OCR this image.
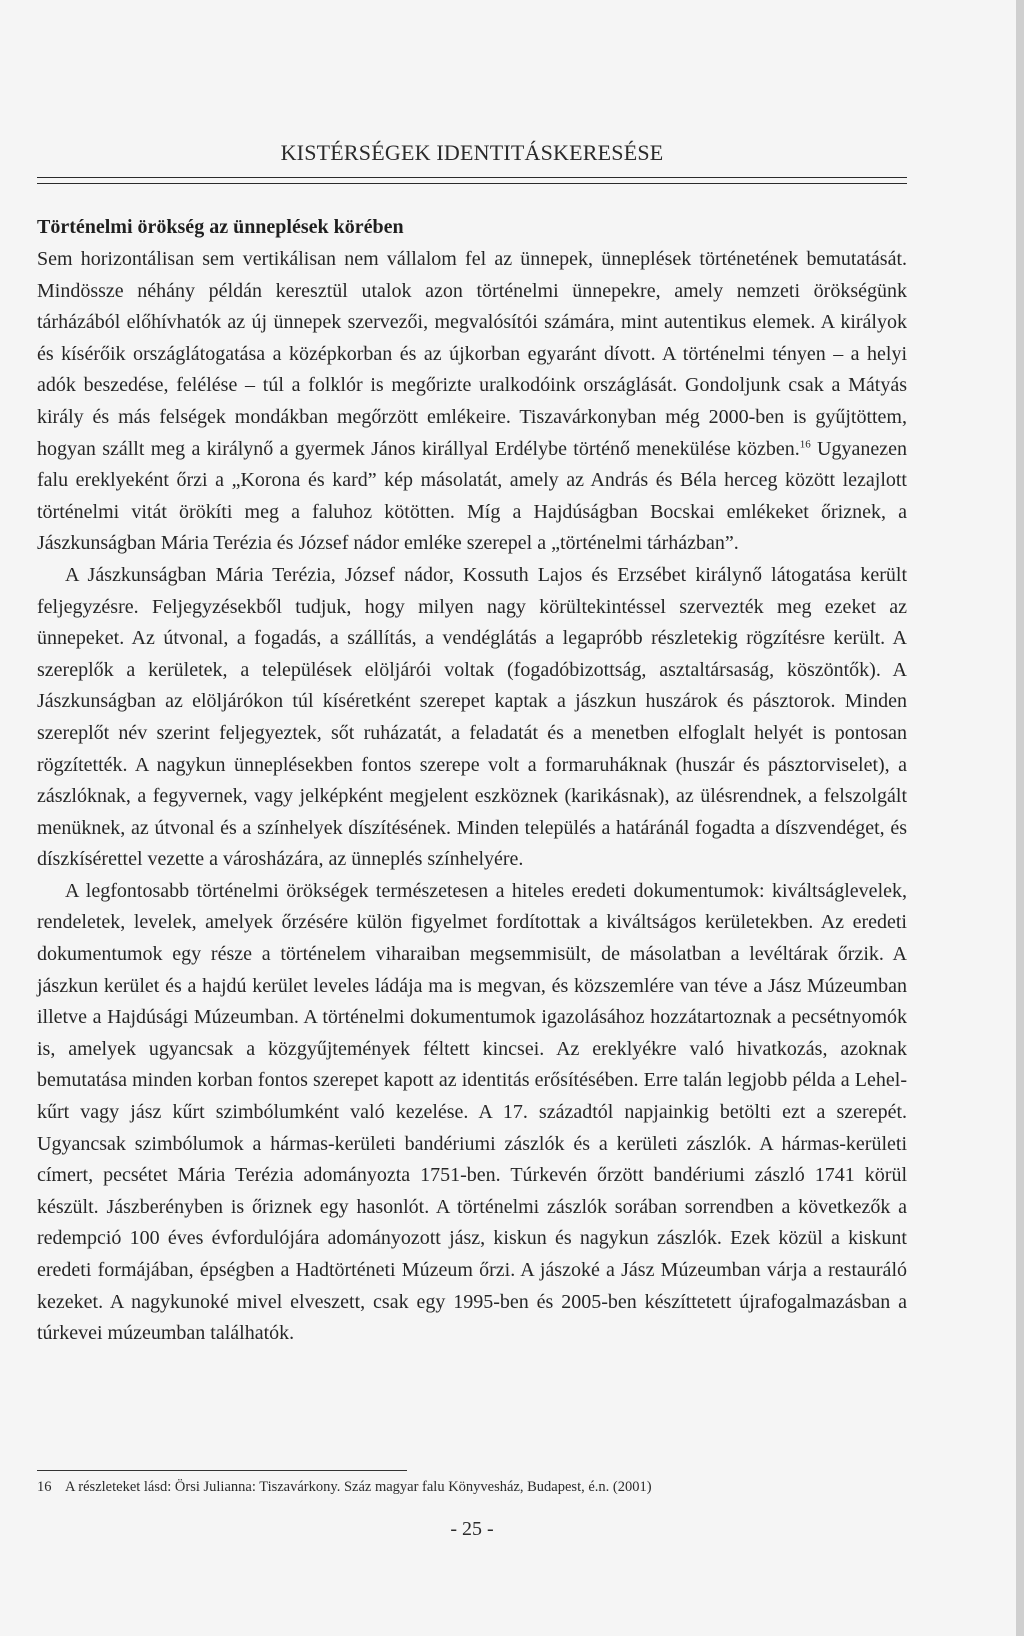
KISTÉRSÉGEK IDENTITÁSKERESÉSE
Történelmi örökség az ünneplések körében

Sem horizontálisan sem vertikálisan nem vállalom fel az ünnepek, ünneplések történetének bemutatását. Mindössze néhány példán keresztül utalok azon történelmi ünnepekre, amely nemzeti örökségünk tárházából előhívhatók az új ünnepek szervezői, megvalósítói számára, mint autentikus elemek. A királyok és kísérőik országlátogatása a középkorban és az újkorban egyaránt dívott. A történelmi tényen – a helyi adók beszedése, felélése – túl a folklór is megőrizte uralkodóink országlását. Gondoljunk csak a Mátyás király és más felségek mondákban megőrzött emlékeire. Tiszavárkonyban még 2000-ben is gyűjtöttem, hogyan szállt meg a királynő a gyermek János királlyal Erdélybe történő menekülése közben.$^{16}$ Ugyanezen falu ereklyeként őrzi a „Korona és kard” kép másolatát, amely az András és Béla herceg között lezajlott történelmi vitát örökíti meg a faluhoz kötötten. Míg a Hajdúságban Bocskai emlékeket őriznek, a Jászkunságban Mária Terézia és József nádor emléke szerepel a „történelmi tárházban”.

A Jászkunságban Mária Terézia, József nádor, Kossuth Lajos és Erzsébet királynő látogatása került feljegyzésre. Feljegyzésekből tudjuk, hogy milyen nagy körültekintéssel szervezték meg ezeket az ünnepeket. Az útvonal, a fogadás, a szállítás, a vendéglátás a legapróbb részletekig rögzítésre került. A szereplők a kerületek, a települések elöljárói voltak (fogadóbizottság, asztaltársaság, köszöntők). A Jászkunságban az elöljárókon túl kíséretként szerepet kaptak a jászkun huszárok és pásztorok. Minden szereplőt név szerint feljegyeztek, sőt ruházatát, a feladatát és a menetben elfoglalt helyét is pontosan rögzítették. A nagykun ünneplésekben fontos szerepe volt a formaruháknak (huszár és pásztorviselet), a zászlóknak, a fegyvernek, vagy jelképként megjelent eszköznek (karikásnak), az ülésrendnek, a felszolgált menüknek, az útvonal és a színhelyek díszítésének. Minden település a határánál fogadta a díszvendéget, és díszkísérettel vezette a városházára, az ünneplés színhelyére.

A legfontosabb történelmi örökségek természetesen a hiteles eredeti dokumentumok: kiváltságlevelek, rendeletek, levelek, amelyek őrzésére külön figyelmet fordítottak a kiváltságos kerületekben. Az eredeti dokumentumok egy része a történelem viharaiban megsemmisült, de másolatban a levéltárak őrzik. A jászkun kerület és a hajdú kerület leveles ládája ma is megvan, és közszemlére van téve a Jász Múzeumban illetve a Hajdúsági Múzeumban. A történelmi dokumentumok igazolásához hozzátartoznak a pecsétnyomók is, amelyek ugyancsak a közgyűjtemények féltett kincsei. Az ereklyékre való hivatkozás, azoknak bemutatása minden korban fontos szerepet kapott az identitás erősítésében. Erre talán legjobb példa a Lehel-kűrt vagy jász kűrt szimbólumként való kezelése. A 17. századtól napjainkig betölti ezt a szerepét. Ugyancsak szimbólumok a hármas-kerületi bandériumi zászlók és a kerületi zászlók. A hármas-kerületi címert, pecsétet Mária Terézia adományozta 1751-ben. Túrkevén őrzött bandériumi zászló 1741 körül készült. Jászberényben is őriznek egy hasonlót. A történelmi zászlók sorában sorrendben a következők a redempció 100 éves évfordulójára adományozott jász, kiskun és nagykun zászlók. Ezek közül a kiskunt eredeti formájában, épségben a Hadtörténeti Múzeum őrzi. A jászoké a Jász Múzeumban várja a restauráló kezeket. A nagykunoké mivel elveszett, csak egy 1995-ben és 2005-ben készíttetett újrafogalmazásban a túrkevei múzeumban találhatók.

16 A részleteket lásd: Örsi Julianna: Tiszavárkony. Száz magyar falu Könyvesház, Budapest, é.n. (2001)
- 25 -
